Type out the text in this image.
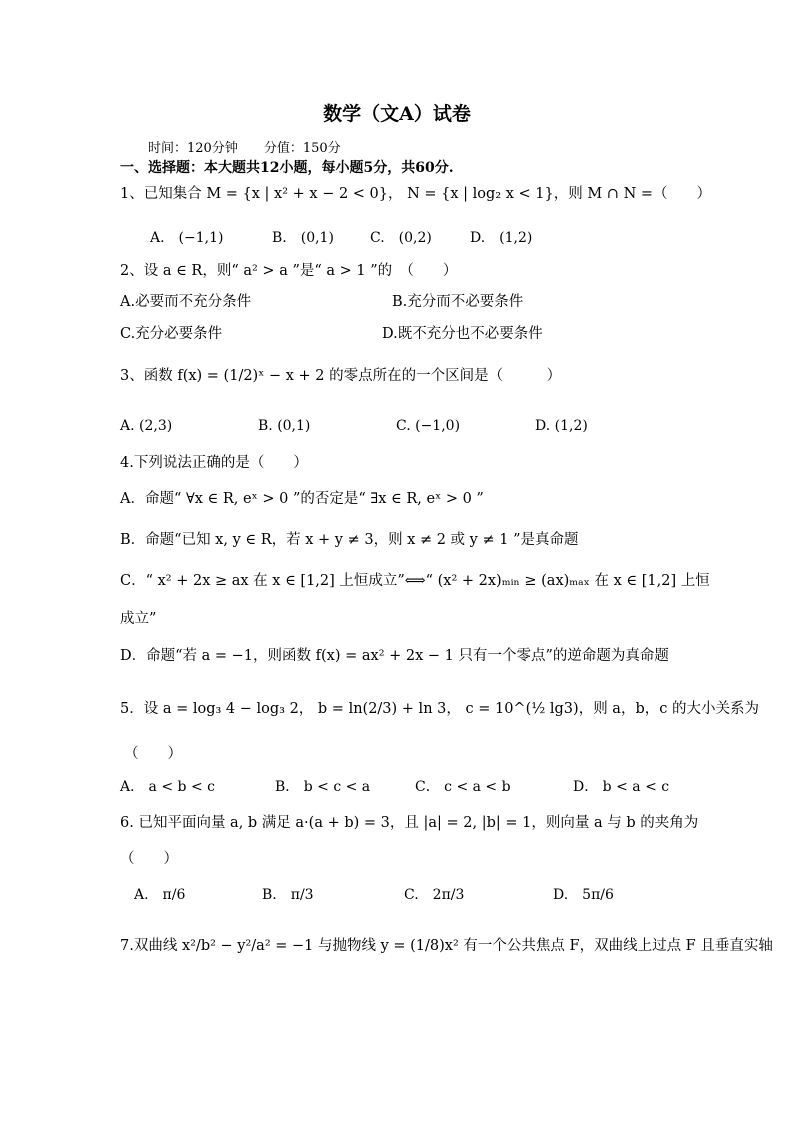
数学（文A）试卷
时间：120分钟　　分值：150分
一、选择题：本大题共12小题，每小题5分，共60分.
1、已知集合 M = {x | x² + x − 2 < 0}， N = {x | log₂ x < 1}，则 M ∩ N =（　　）
A.　(−1,1)	B.　(0,1)	C.　(0,2)	D.　(1,2)
2、设 a ∈ R，则“ a² > a ”是“ a > 1 ”的　（　　）
A.必要而不充分条件	B.充分而不必要条件
C.充分必要条件	D.既不充分也不必要条件
3、函数 f(x) = (1/2)ˣ − x + 2 的零点所在的一个区间是（　　　）
A. (2,3)	B. (0,1)	C. (−1,0)	D. (1,2)
4.下列说法正确的是（　　）
A．命题“ ∀x ∈ R, eˣ > 0 ”的否定是“ ∃x ∈ R, eˣ > 0 ”
B．命题“已知 x, y ∈ R，若 x + y ≠ 3，则 x ≠ 2 或 y ≠ 1 ”是真命题
C．“ x² + 2x ≥ ax 在 x ∈ [1,2] 上恒成立”⟺“ (x² + 2x)ₘᵢₙ ≥ (ax)ₘₐₓ 在 x ∈ [1,2] 上恒
成立”
D．命题“若 a = −1，则函数 f(x) = ax² + 2x − 1 只有一个零点”的逆命题为真命题
5．设 a = log₃ 4 − log₃ 2， b = ln(2/3) + ln 3， c = 10^(½ lg3)，则 a，b，c 的大小关系为
（　　）
A． a < b < c	B． b < c < a	C． c < a < b	D． b < a < c
6. 已知平面向量 a, b 满足 a·(a + b) = 3，且 |a| = 2, |b| = 1，则向量 a 与 b 的夹角为
（　　）
A.　π/6	B.　π/3	C.　2π/3	D.　5π/6
7.双曲线 x²/b² − y²/a² = −1 与抛物线 y = (1/8)x² 有一个公共焦点 F，双曲线上过点 F 且垂直实轴
